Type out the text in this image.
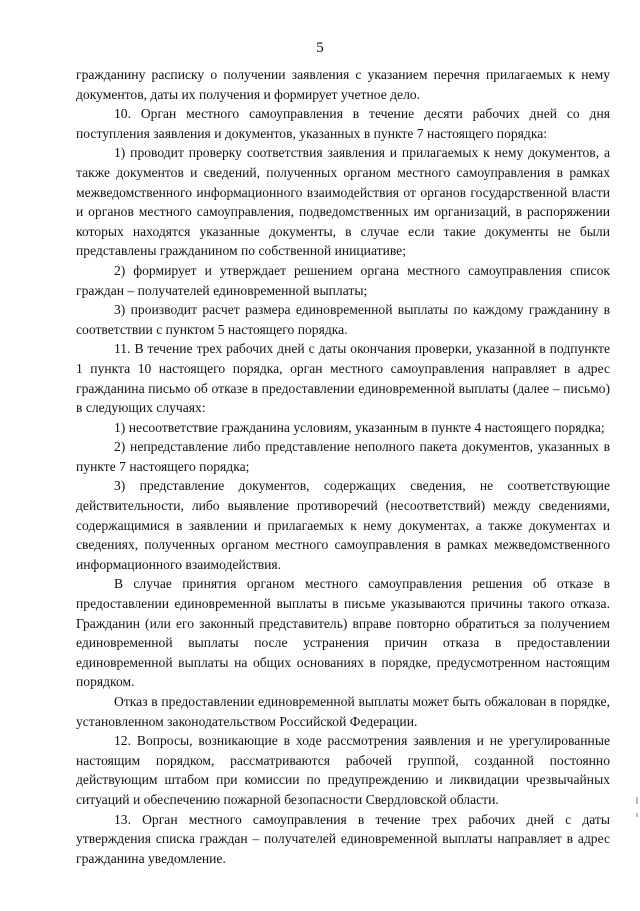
5

гражданину расписку о получении заявления с указанием перечня прилагаемых к нему документов, даты их получения и формирует учетное дело.

10. Орган местного самоуправления в течение десяти рабочих дней со дня поступления заявления и документов, указанных в пункте 7 настоящего порядка:

1) проводит проверку соответствия заявления и прилагаемых к нему документов, а также документов и сведений, полученных органом местного самоуправления в рамках межведомственного информационного взаимодействия от органов государственной власти и органов местного самоуправления, подведомственных им организаций, в распоряжении которых находятся указанные документы, в случае если такие документы не были представлены гражданином по собственной инициативе;

2) формирует и утверждает решением органа местного самоуправления список граждан – получателей единовременной выплаты;

3) производит расчет размера единовременной выплаты по каждому гражданину в соответствии с пунктом 5 настоящего порядка.

11. В течение трех рабочих дней с даты окончания проверки, указанной в подпункте 1 пункта 10 настоящего порядка, орган местного самоуправления направляет в адрес гражданина письмо об отказе в предоставлении единовременной выплаты (далее – письмо) в следующих случаях:

1) несоответствие гражданина условиям, указанным в пункте 4 настоящего порядка;

2) непредставление либо представление неполного пакета документов, указанных в пункте 7 настоящего порядка;

3) представление документов, содержащих сведения, не соответствующие действительности, либо выявление противоречий (несоответствий) между сведениями, содержащимися в заявлении и прилагаемых к нему документах, а также документах и сведениях, полученных органом местного самоуправления в рамках межведомственного информационного взаимодействия.

В случае принятия органом местного самоуправления решения об отказе в предоставлении единовременной выплаты в письме указываются причины такого отказа. Гражданин (или его законный представитель) вправе повторно обратиться за получением единовременной выплаты после устранения причин отказа в предоставлении единовременной выплаты на общих основаниях в порядке, предусмотренном настоящим порядком.

Отказ в предоставлении единовременной выплаты может быть обжалован в порядке, установленном законодательством Российской Федерации.

12. Вопросы, возникающие в ходе рассмотрения заявления и не урегулированные настоящим порядком, рассматриваются рабочей группой, созданной постоянно действующим штабом при комиссии по предупреждению и ликвидации чрезвычайных ситуаций и обеспечению пожарной безопасности Свердловской области.

13. Орган местного самоуправления в течение трех рабочих дней с даты утверждения списка граждан – получателей единовременной выплаты направляет в адрес гражданина уведомление.
